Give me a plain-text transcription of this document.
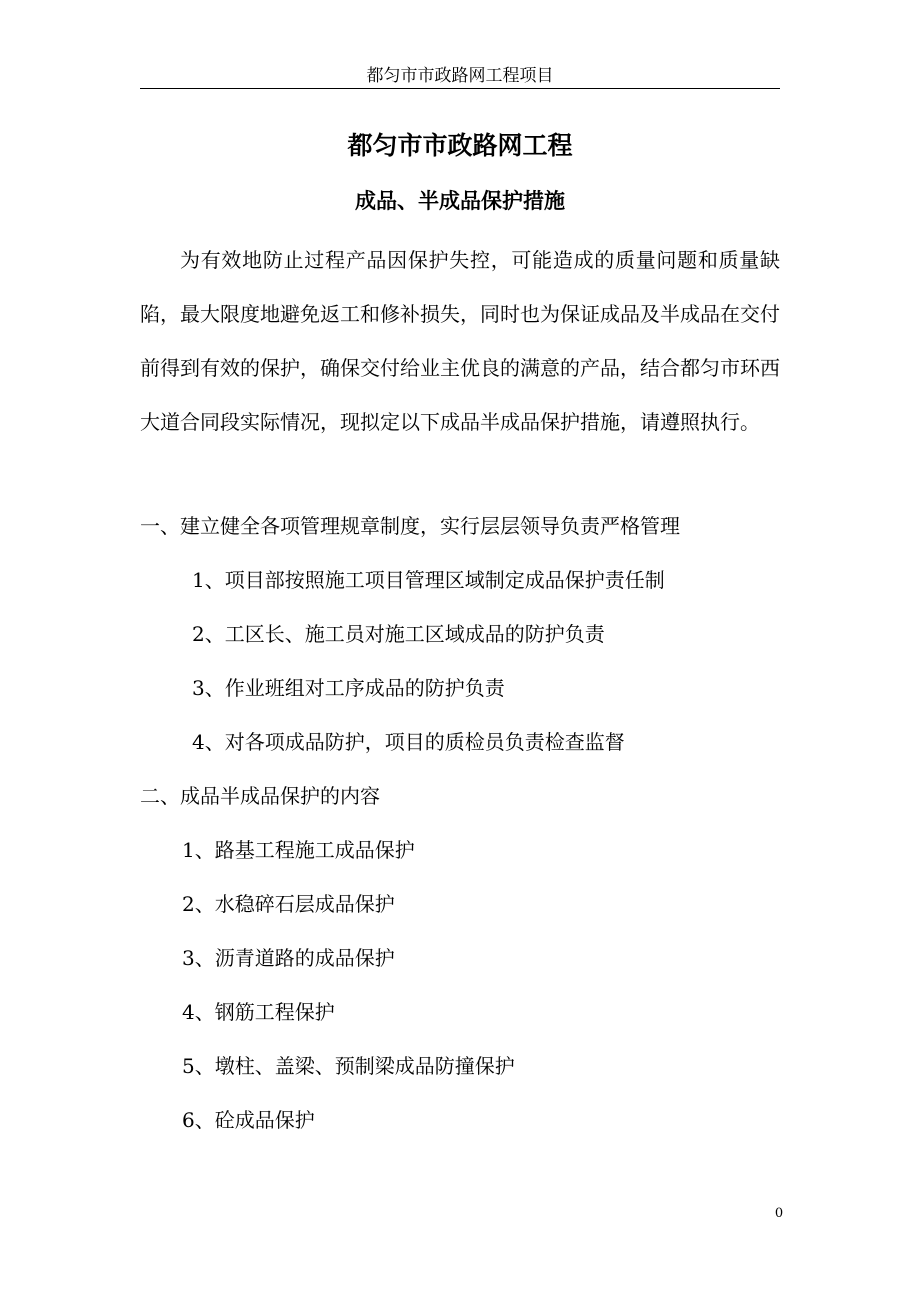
都匀市市政路网工程项目
都匀市市政路网工程
成品、半成品保护措施

为有效地防止过程产品因保护失控，可能造成的质量问题和质量缺陷，最大限度地避免返工和修补损失，同时也为保证成品及半成品在交付前得到有效的保护，确保交付给业主优良的满意的产品，结合都匀市环西大道合同段实际情况，现拟定以下成品半成品保护措施，请遵照执行。

一、建立健全各项管理规章制度，实行层层领导负责严格管理
1、项目部按照施工项目管理区域制定成品保护责任制
2、工区长、施工员对施工区域成品的防护负责
3、作业班组对工序成品的防护负责
4、对各项成品防护，项目的质检员负责检查监督
二、成品半成品保护的内容
1、路基工程施工成品保护
2、水稳碎石层成品保护
3、沥青道路的成品保护
4、钢筋工程保护
5、墩柱、盖梁、预制梁成品防撞保护
6、砼成品保护
0
